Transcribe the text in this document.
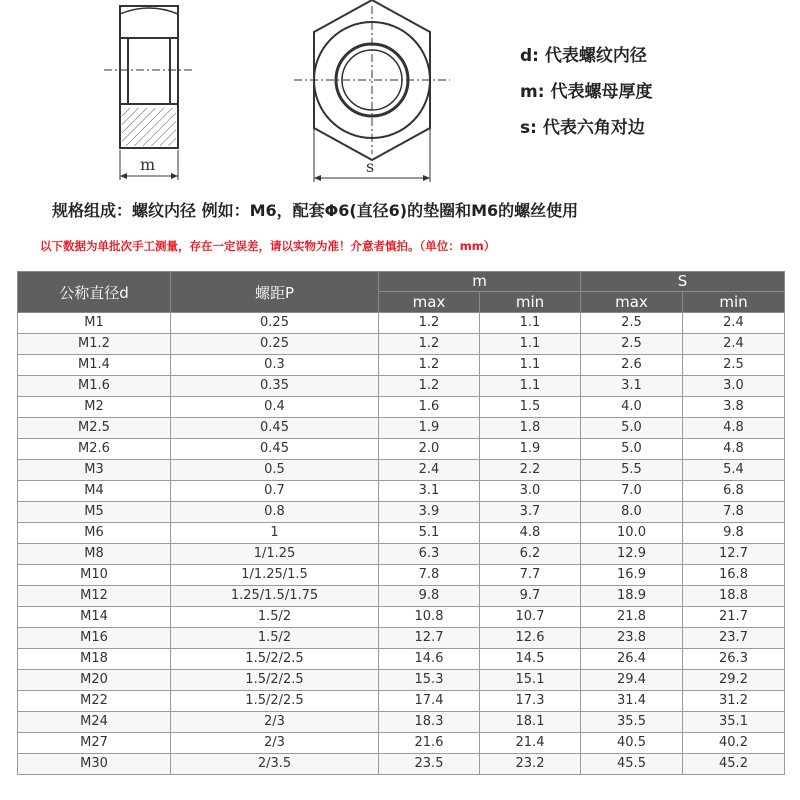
m	s
d: 代表螺纹内径
m: 代表螺母厚度
s: 代表六角对边
规格组成：螺纹内径 例如：M6，配套Φ6(直径6)的垫圈和M6的螺丝使用
以下数据为单批次手工测量，存在一定误差，请以实物为准！介意者慎拍。（单位：mm）
公称直径d	螺距P	m		S	
		max	min	max	min
M1	0.25	1.2	1.1	2.5	2.4
M1.2	0.25	1.2	1.1	2.5	2.4
M1.4	0.3	1.2	1.1	2.6	2.5
M1.6	0.35	1.2	1.1	3.1	3.0
M2	0.4	1.6	1.5	4.0	3.8
M2.5	0.45	1.9	1.8	5.0	4.8
M2.6	0.45	2.0	1.9	5.0	4.8
M3	0.5	2.4	2.2	5.5	5.4
M4	0.7	3.1	3.0	7.0	6.8
M5	0.8	3.9	3.7	8.0	7.8
M6	1	5.1	4.8	10.0	9.8
M8	1/1.25	6.3	6.2	12.9	12.7
M10	1/1.25/1.5	7.8	7.7	16.9	16.8
M12	1.25/1.5/1.75	9.8	9.7	18.9	18.8
M14	1.5/2	10.8	10.7	21.8	21.7
M16	1.5/2	12.7	12.6	23.8	23.7
M18	1.5/2/2.5	14.6	14.5	26.4	26.3
M20	1.5/2/2.5	15.3	15.1	29.4	29.2
M22	1.5/2/2.5	17.4	17.3	31.4	31.2
M24	2/3	18.3	18.1	35.5	35.1
M27	2/3	21.6	21.4	40.5	40.2
M30	2/3.5	23.5	23.2	45.5	45.2
